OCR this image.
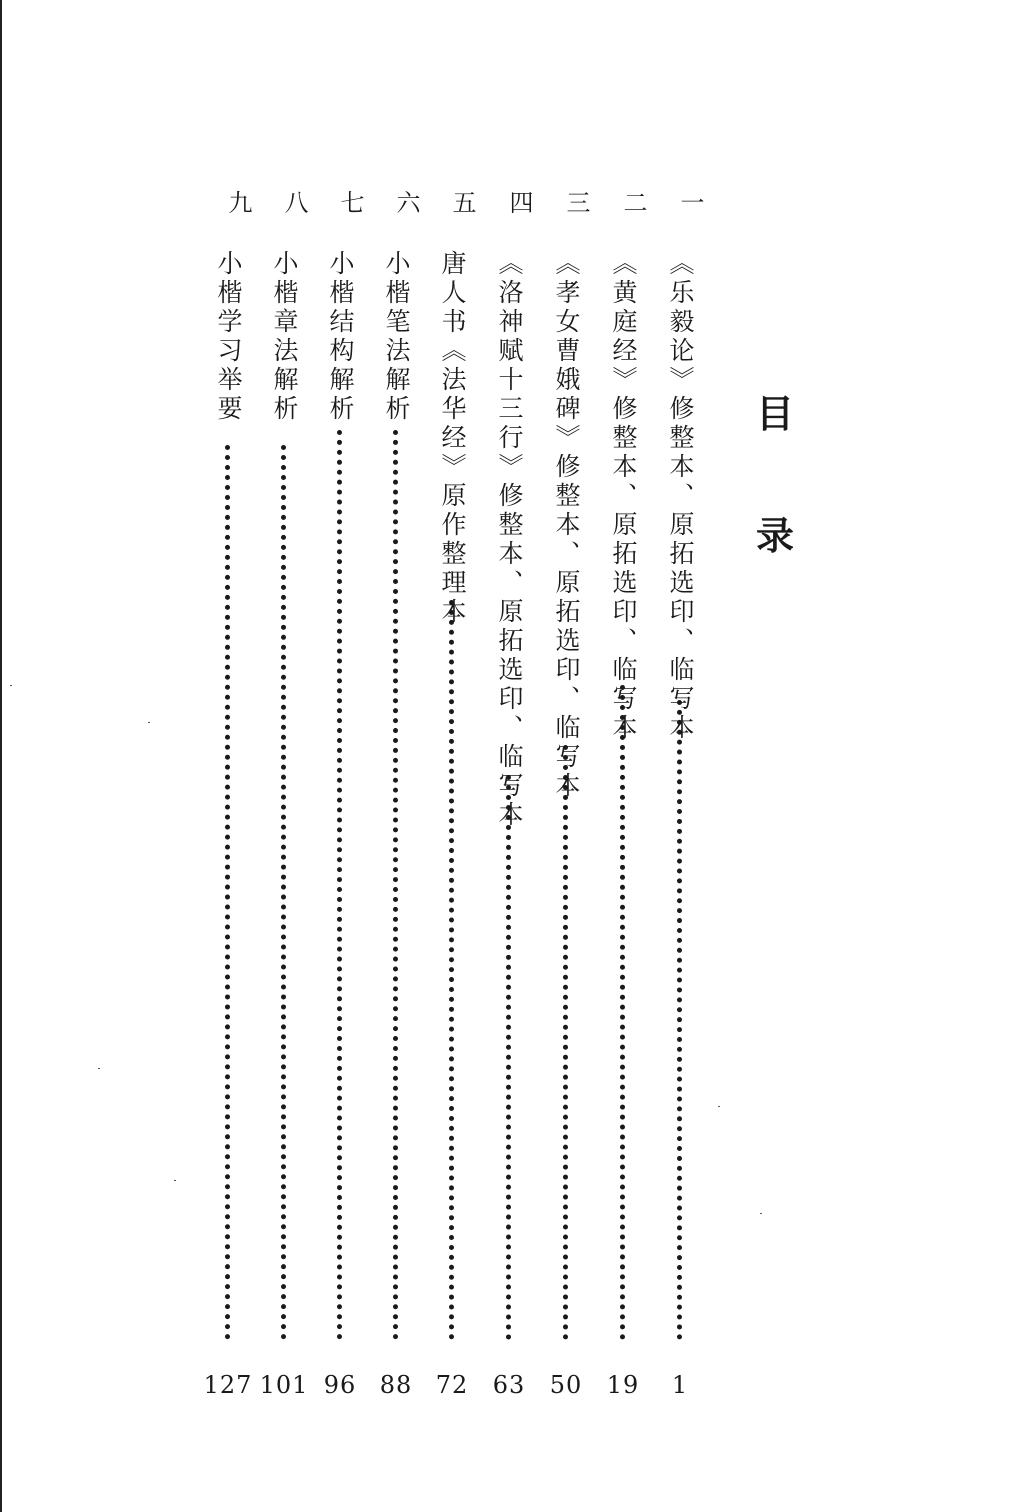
目
录
一
《乐毅论》修整本、原拓选印、临写本
1
二
《黄庭经》修整本、原拓选印、临写本
19
三
《孝女曹娥碑》修整本、原拓选印、临写本
50
四
《洛神赋十三行》修整本、原拓选印、临写本
63
五
唐人书《法华经》原作整理本
72
六
小楷笔法解析
88
七
小楷结构解析
96
八
小楷章法解析
101
九
小楷学习举要
127
